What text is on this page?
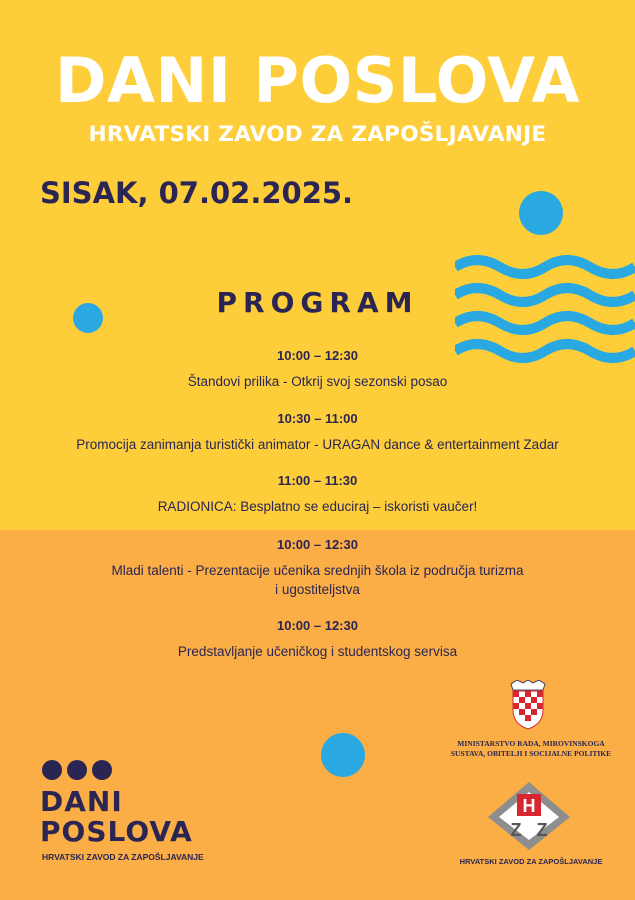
DANI POSLOVA
HRVATSKI ZAVOD ZA ZAPOŠLJAVANJE
SISAK, 07.02.2025.
PROGRAM
10:00 – 12:30
Štandovi prilika - Otkrij svoj sezonski posao
10:30 – 11:00
Promocija zanimanja turistički animator - URAGAN dance & entertainment Zadar
11:00 – 11:30
RADIONICA: Besplatno se educiraj – iskoristi vaučer!
10:00 – 12:30
Mladi talenti - Prezentacije učenika srednjih škola iz područja turizma
i ugostiteljstva
10:00 – 12:30
Predstavljanje učeničkog i studentskog servisa
DANI
POSLOVA
HRVATSKI ZAVOD ZA ZAPOŠLJAVANJE
MINISTARSTVO RADA, MIROVINSKOGA
SUSTAVA, OBITELJI I SOCIJALNE POLITIKE
H
Z Z
HRVATSKI ZAVOD ZA ZAPOŠLJAVANJE
